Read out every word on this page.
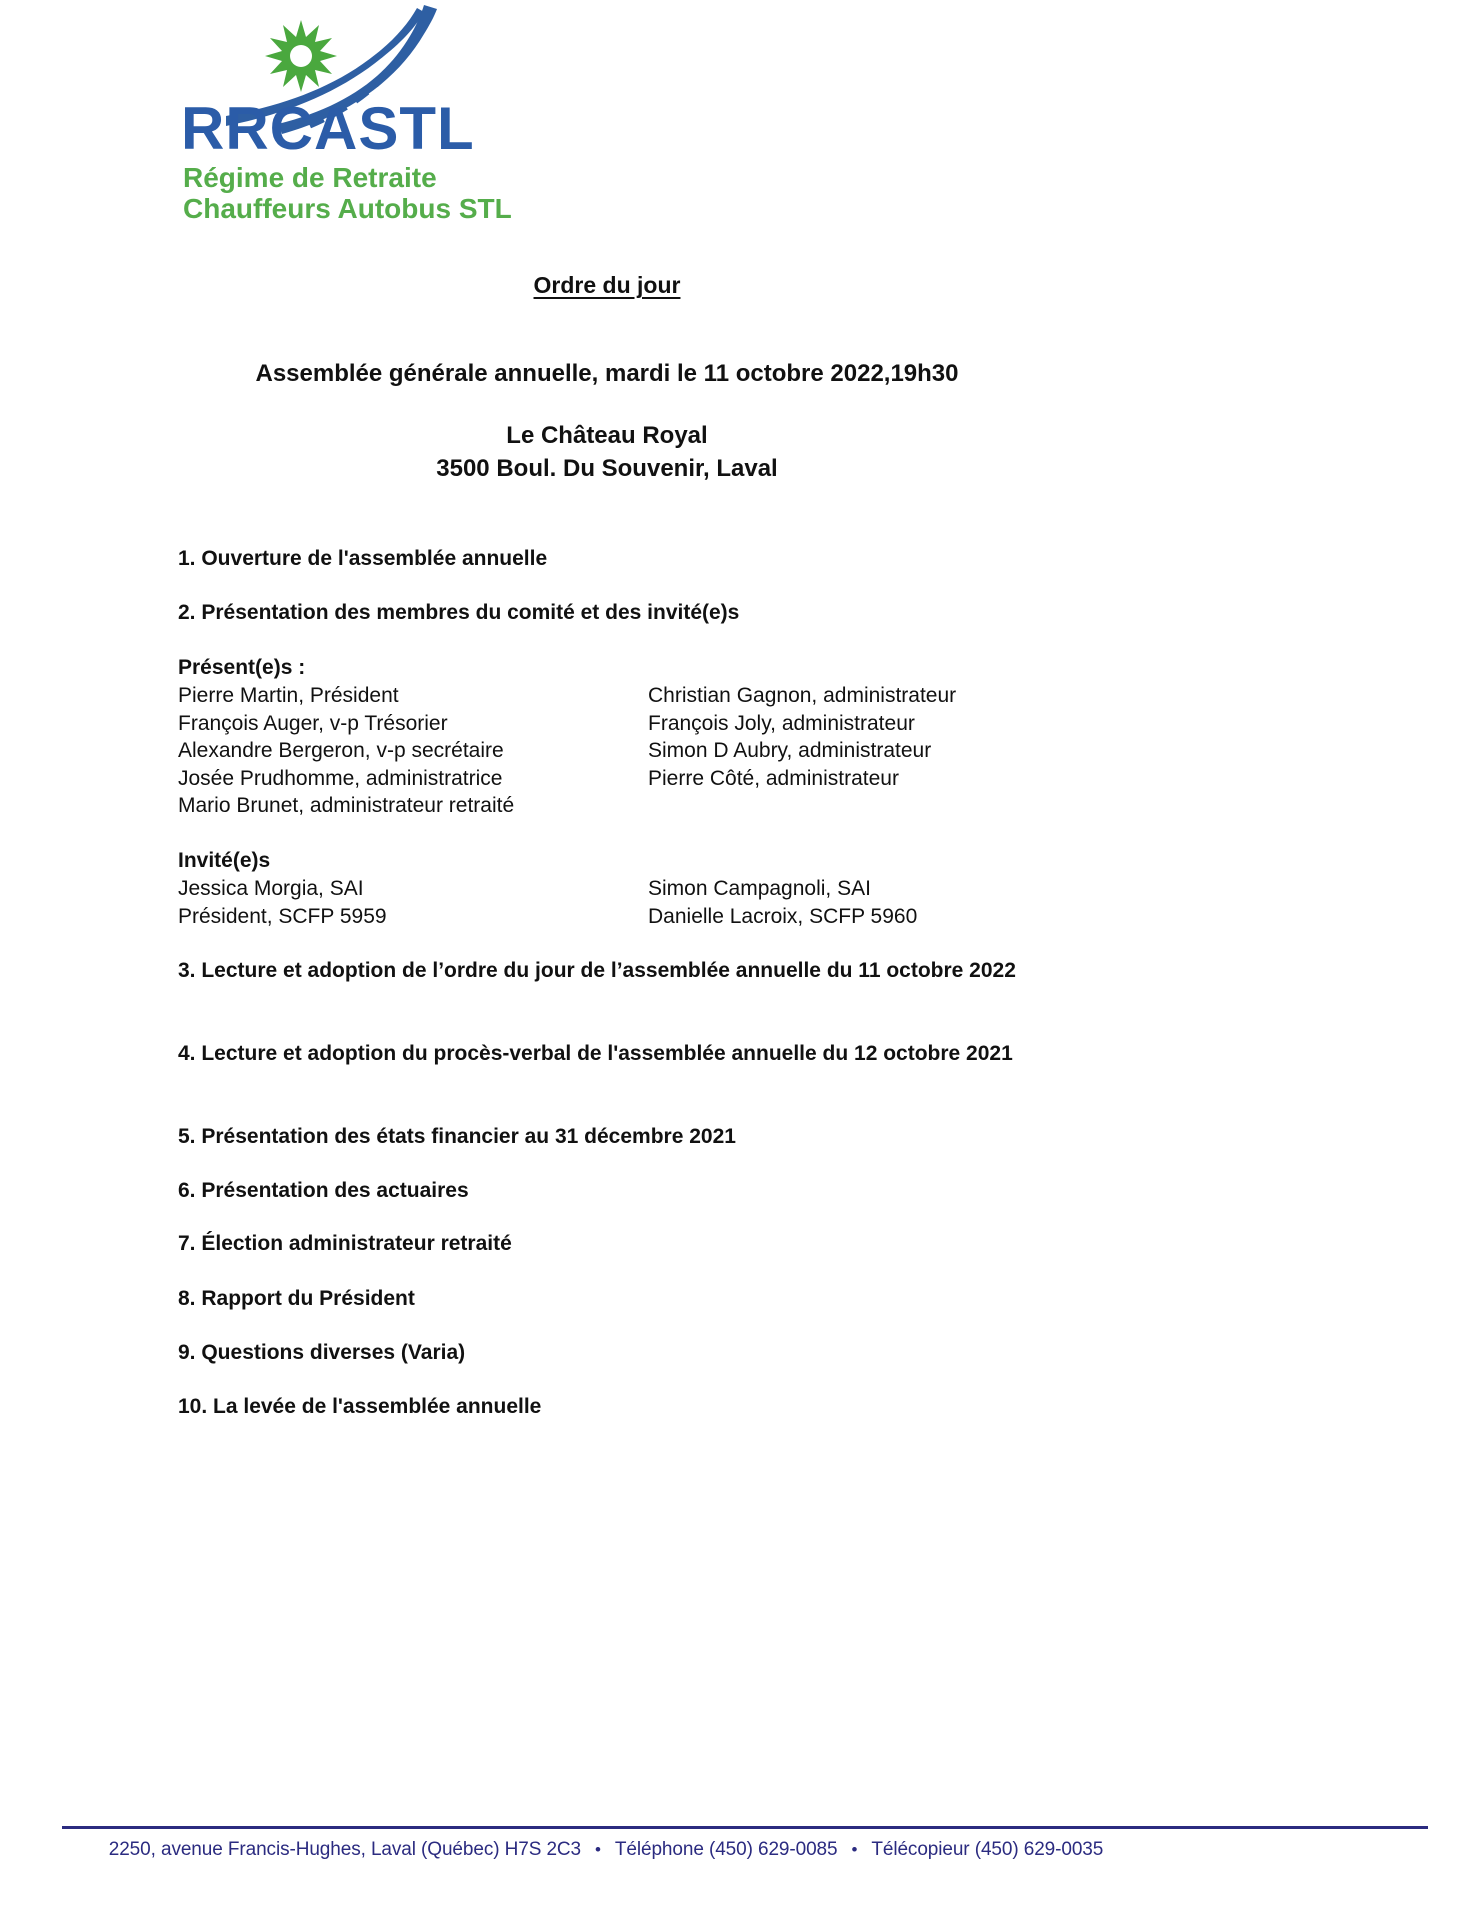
RRCASTL
Régime de Retraite
Chauffeurs Autobus STL
Ordre du jour
Assemblée générale annuelle, mardi le 11 octobre 2022,19h30
Le Château Royal
3500 Boul. Du Souvenir, Laval
1. Ouverture de l'assemblée annuelle
2. Présentation des membres du comité et des invité(e)s
Présent(e)s :
Pierre Martin, Président
François Auger, v-p Trésorier
Alexandre Bergeron, v-p secrétaire
Josée Prudhomme, administratrice
Mario Brunet, administrateur retraité
Christian Gagnon, administrateur
François Joly, administrateur
Simon D Aubry, administrateur
Pierre Côté, administrateur
Invité(e)s
Jessica Morgia, SAI
Président, SCFP 5959
Simon Campagnoli, SAI
Danielle Lacroix, SCFP 5960
3. Lecture et adoption de l’ordre du jour de l’assemblée annuelle du 11 octobre 2022
4. Lecture et adoption du procès-verbal de l'assemblée annuelle du 12 octobre 2021
5. Présentation des états financier au 31 décembre 2021
6. Présentation des actuaires
7. Élection administrateur retraité
8. Rapport du Président
9. Questions diverses (Varia)
10. La levée de l'assemblée annuelle
2250, avenue Francis-Hughes, Laval (Québec) H7S 2C3 • Téléphone (450) 629-0085 • Télécopieur (450) 629-0035
